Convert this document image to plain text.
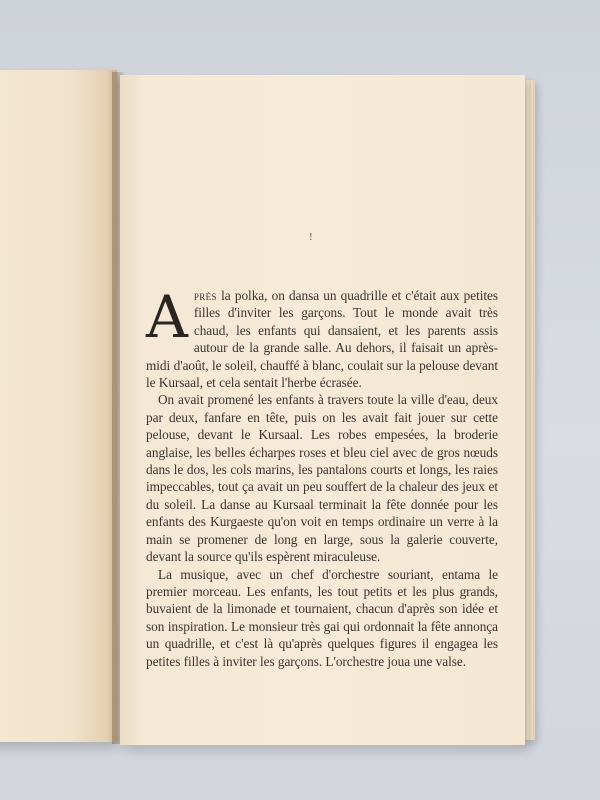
!

Après la polka, on dansa un quadrille et c'était aux petites filles d'inviter les garçons. Tout le monde avait très chaud, les enfants qui dansaient, et les parents assis autour de la grande salle. Au dehors, il faisait un après-midi d'août, le soleil, chauffé à blanc, coulait sur la pelouse devant le Kursaal, et cela sentait l'herbe écrasée.

On avait promené les enfants à travers toute la ville d'eau, deux par deux, fanfare en tête, puis on les avait fait jouer sur cette pelouse, devant le Kursaal. Les robes empesées, la broderie anglaise, les belles écharpes roses et bleu ciel avec de gros nœuds dans le dos, les cols marins, les pantalons courts et longs, les raies impeccables, tout ça avait un peu souffert de la chaleur des jeux et du soleil. La danse au Kursaal terminait la fête donnée pour les enfants des Kurgaeste qu'on voit en temps ordinaire un verre à la main se promener de long en large, sous la galerie couverte, devant la source qu'ils espèrent miraculeuse.

La musique, avec un chef d'orchestre souriant, entama le premier morceau. Les enfants, les tout petits et les plus grands, buvaient de la limonade et tournaient, chacun d'après son idée et son inspiration. Le monsieur très gai qui ordonnait la fête annonça un quadrille, et c'est là qu'après quelques figures il engagea les petites filles à inviter les garçons. L'orchestre joua une valse.
